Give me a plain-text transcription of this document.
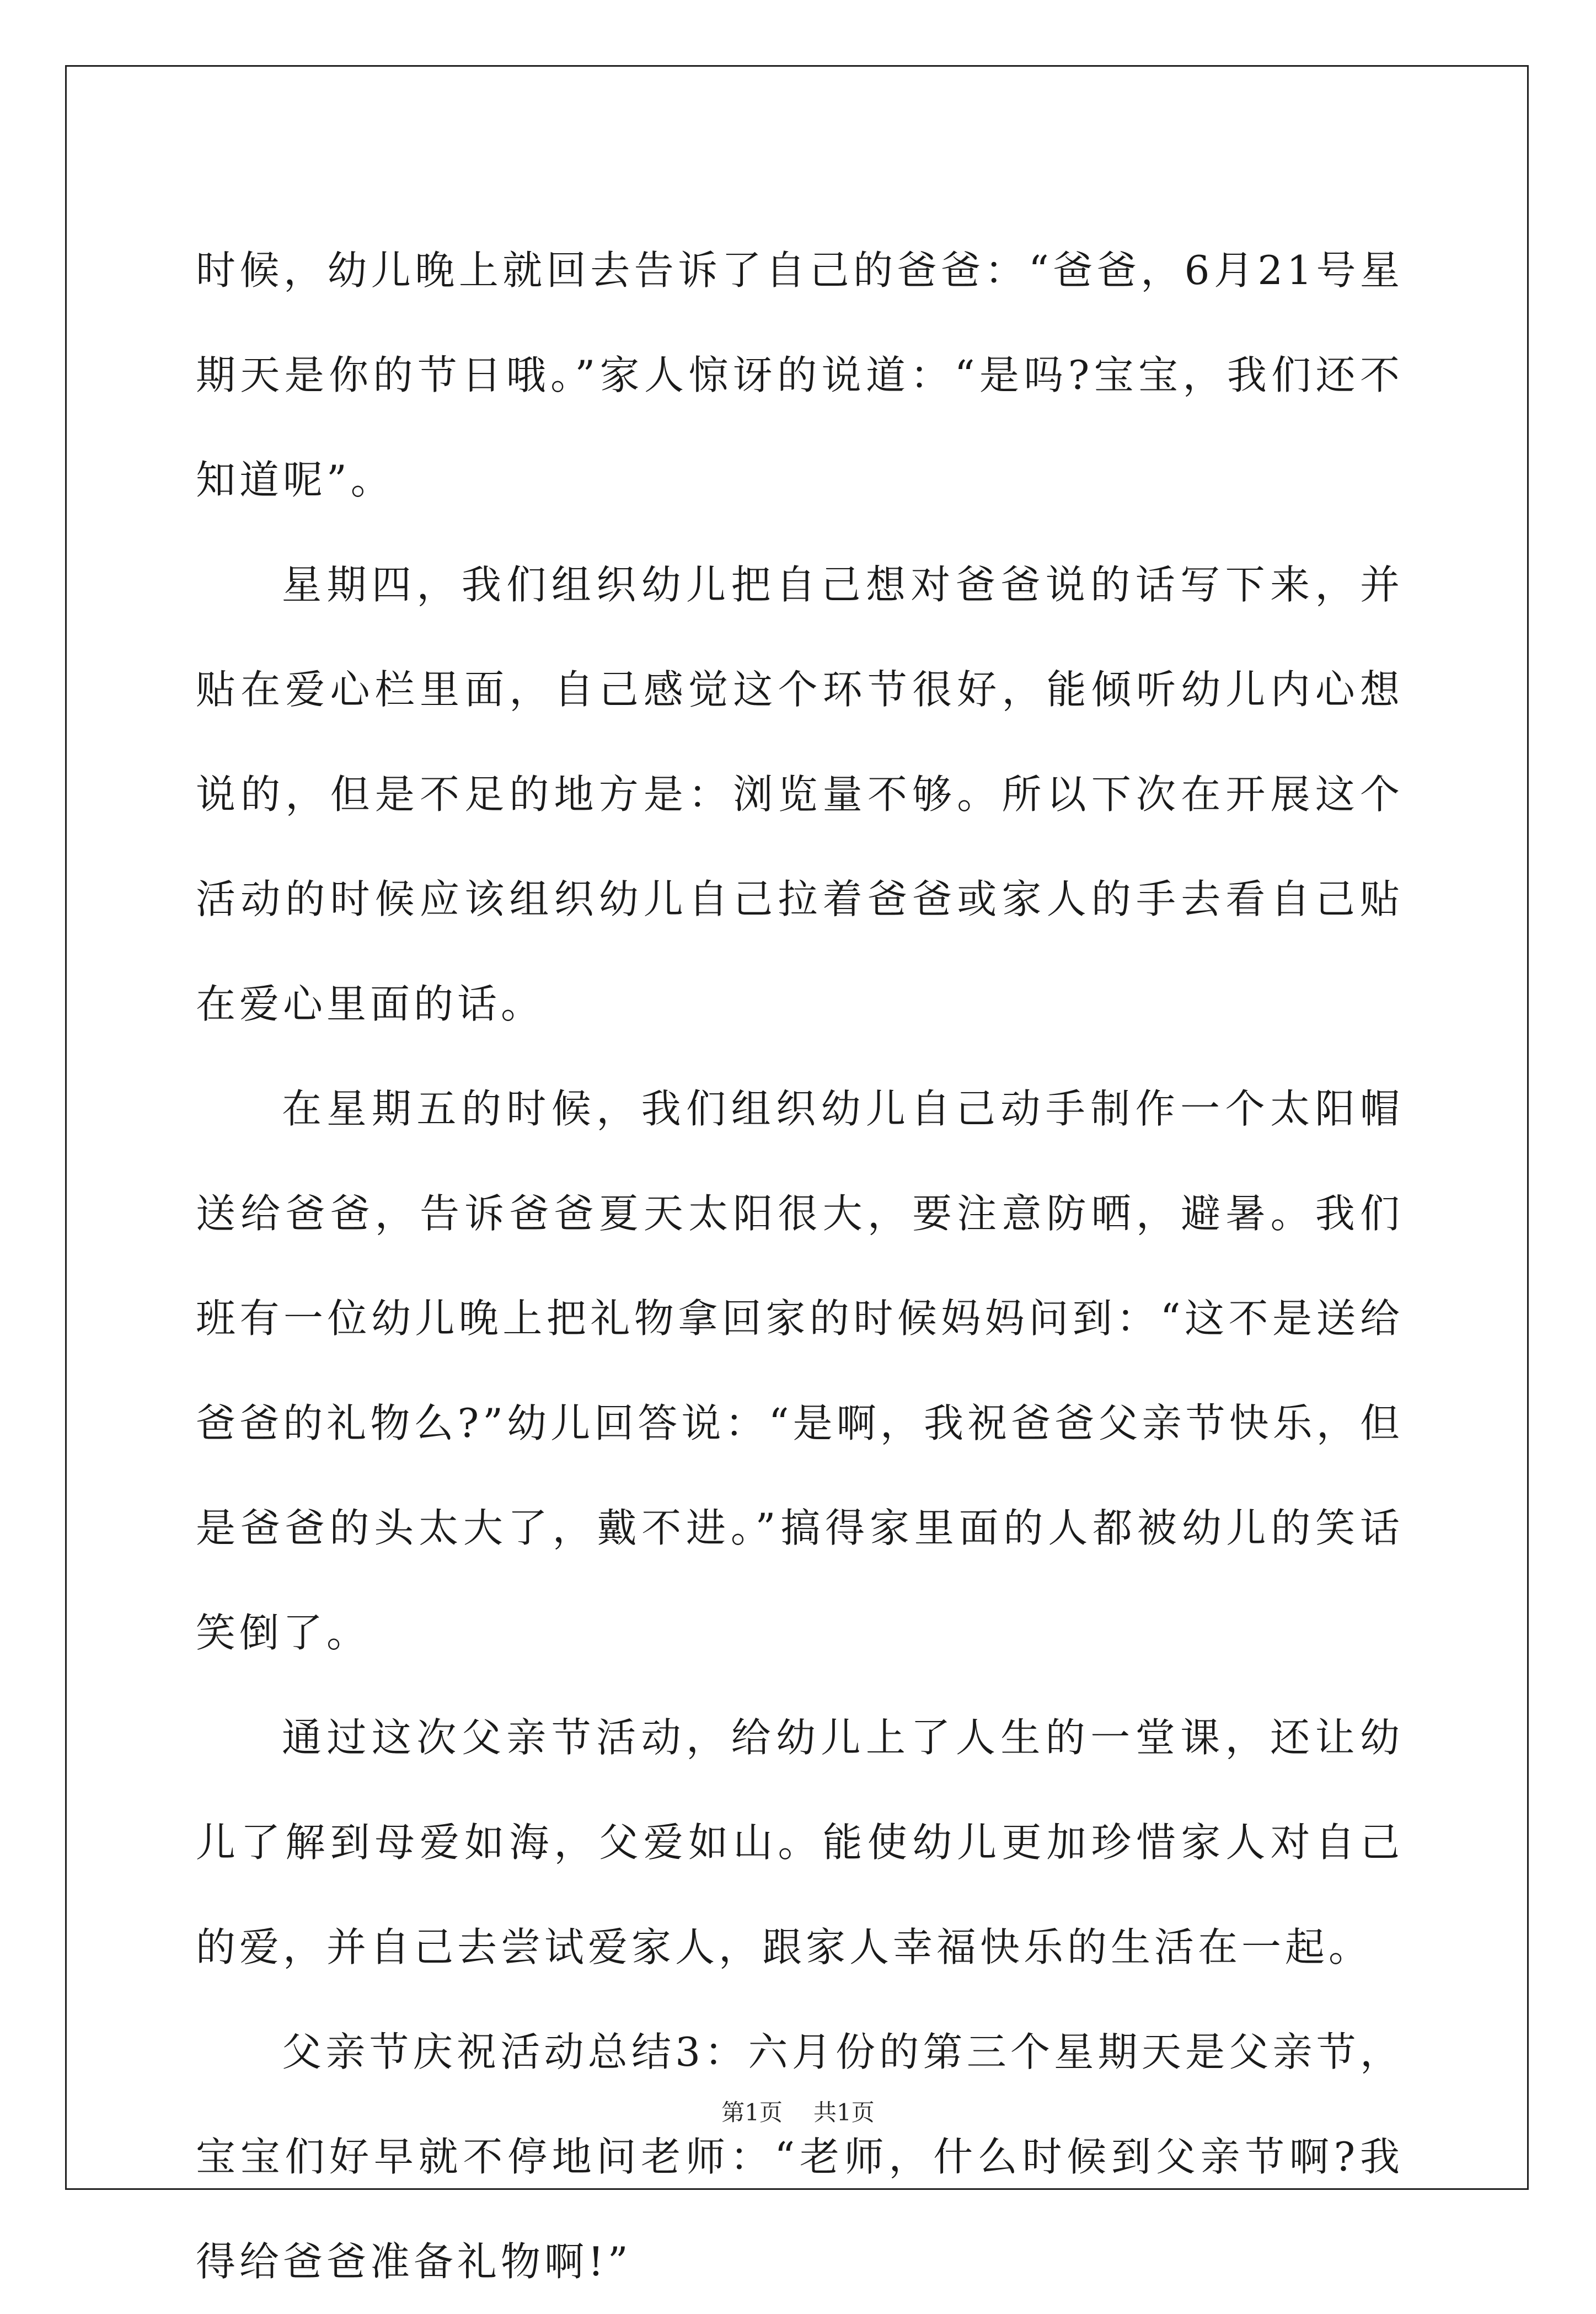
时候，幼儿晚上就回去告诉了自己的爸爸：“爸爸，6月21号星期天是你的节日哦。”家人惊讶的说道：“是吗?宝宝，我们还不知道呢”。

星期四，我们组织幼儿把自己想对爸爸说的话写下来，并贴在爱心栏里面，自己感觉这个环节很好，能倾听幼儿内心想说的，但是不足的地方是：浏览量不够。所以下次在开展这个活动的时候应该组织幼儿自己拉着爸爸或家人的手去看自己贴在爱心里面的话。

在星期五的时候，我们组织幼儿自己动手制作一个太阳帽送给爸爸，告诉爸爸夏天太阳很大，要注意防晒，避暑。我们班有一位幼儿晚上把礼物拿回家的时候妈妈问到：“这不是送给爸爸的礼物么?”幼儿回答说：“是啊，我祝爸爸父亲节快乐，但是爸爸的头太大了，戴不进。”搞得家里面的人都被幼儿的笑话笑倒了。

通过这次父亲节活动，给幼儿上了人生的一堂课，还让幼儿了解到母爱如海，父爱如山。能使幼儿更加珍惜家人对自己的爱，并自己去尝试爱家人，跟家人幸福快乐的生活在一起。

父亲节庆祝活动总结3：六月份的第三个星期天是父亲节，宝宝们好早就不停地问老师：“老师，什么时候到父亲节啊?我得给爸爸准备礼物啊!”

第1页 共1页
